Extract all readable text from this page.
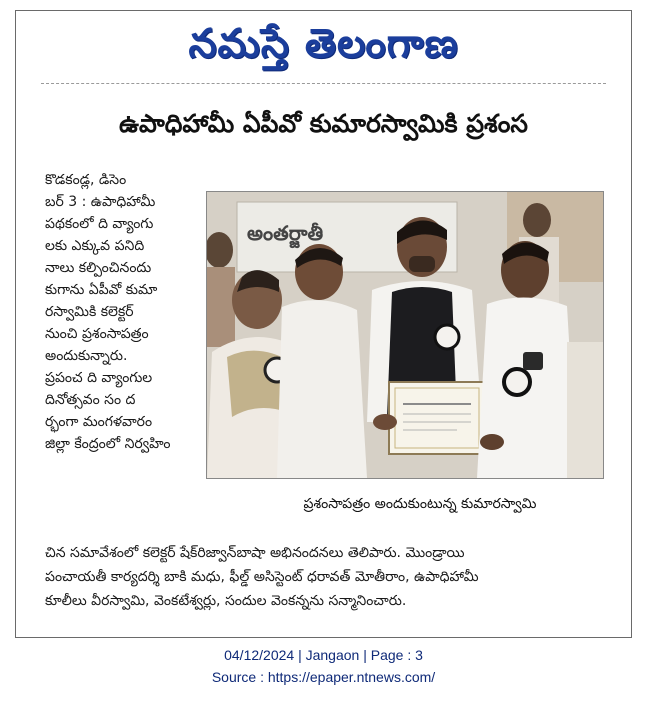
నమస్తే తెలంగాణ
ఉపాధిహామీ ఏపీవో కుమారస్వామికి ప్రశంస
కొడకండ్ల, డిసెం
బర్ 3 : ఉపాధిహామీ
పథకంలో ది వ్యాంగు
లకు ఎక్కువ పనిది
నాలు కల్పించినందు
కుగాను ఏపీవో కుమా
రస్వామికి కలెక్టర్
నుంచి ప్రశంసాపత్రం
అందుకున్నారు.
ప్రపంచ ది వ్యాంగుల
దినోత్సవం సం ద
ర్భంగా మంగళవారం
జిల్లా కేంద్రంలో నిర్వహిం
అంతర్జాతీ
ప్రశంసాపత్రం అందుకుంటున్న కుమారస్వామి
చిన సమావేశంలో కలెక్టర్ షేక్‌రిజ్వాన్‌బాషా అభినందనలు తెలిపారు. మొండ్రాయి
పంచాయతీ కార్యదర్శి బాకి మధు, ఫీల్డ్ అసిస్టెంట్ ధరావత్ మోతీరాం, ఉపాధిహామీ
కూలీలు వీరస్వామి, వెంకటేశ్వర్లు, సందుల వెంకన్నను సన్మానించారు.
04/12/2024 | Jangaon | Page : 3
Source : https://epaper.ntnews.com/
